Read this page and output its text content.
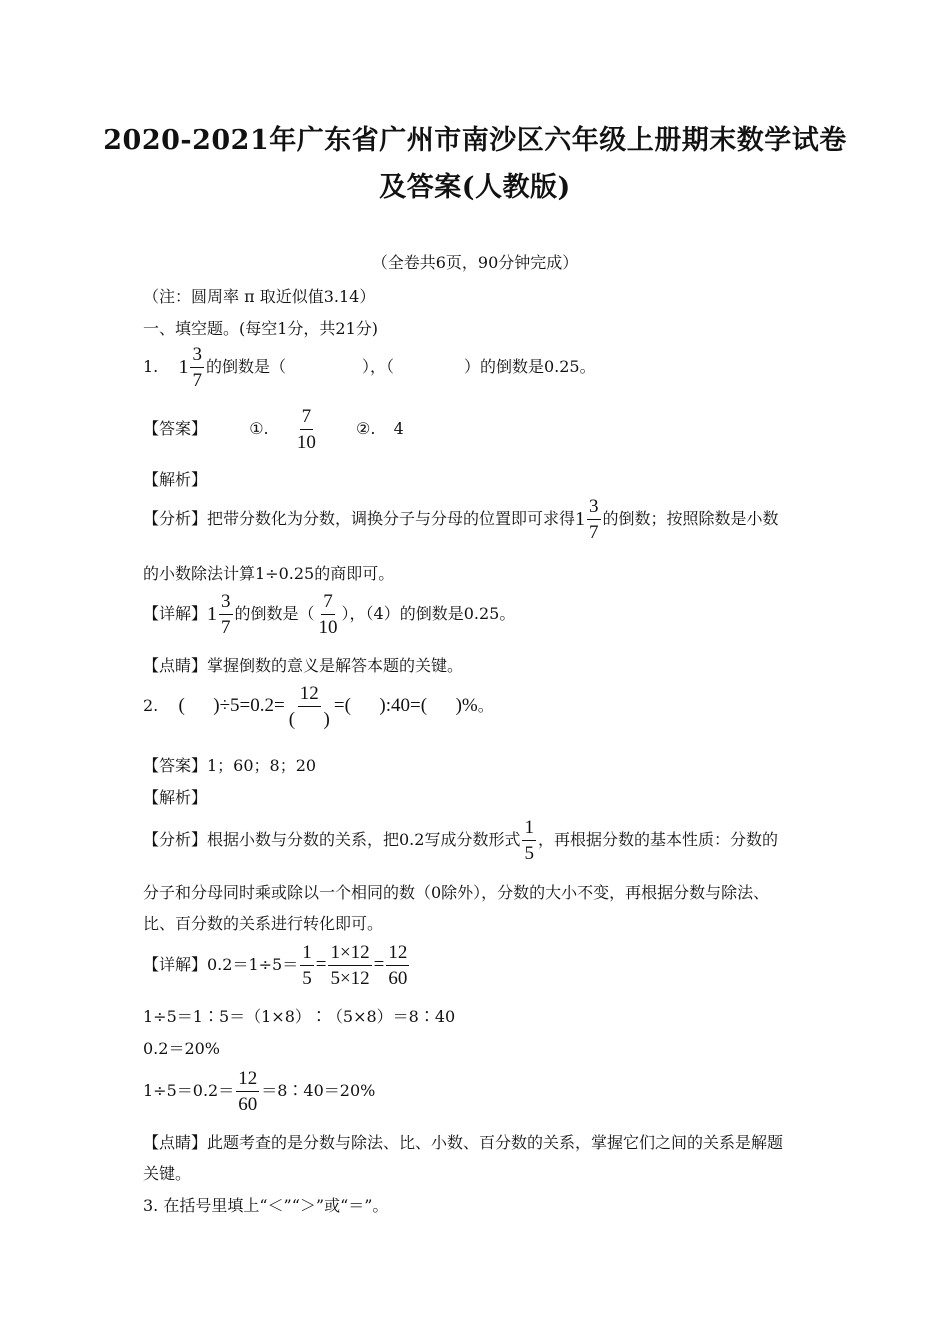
2020-2021年广东省广州市南沙区六年级上册期末数学试卷
及答案(人教版)
（全卷共6页，90分钟完成）
（注：圆周率 π 取近似值3.14）
一、填空题。(每空1分，共21分)
1. $1 \frac{3}{7}$ 的倒数是（	），（	）的倒数是0.25。
【答案】	①. $\frac{7}{10}$ ②. 4
【解析】
【分析】把带分数化为分数，调换分子与分母的位置即可求得$1 \frac{3}{7}$ 的倒数；按照除数是小数
的小数除法计算1÷0.25的商即可。
【详解】$1 \frac{3}{7}$ 的倒数是（ $\frac{7}{10}$ ），（4）的倒数是0.25。
【点睛】掌握倒数的意义是解答本题的关键。
2. (      )$\div 5=0.2= \frac{12}{( )}$ =(      ):40=(      )%。
【答案】1；60；8；20
【解析】
【分析】根据小数与分数的关系，把0.2写成分数形式 $\frac{1}{5}$ ，再根据分数的基本性质：分数的
分子和分母同时乘或除以一个相同的数（0除外），分数的大小不变，再根据分数与除法、
比、百分数的关系进行转化即可。
【详解】$0.2=1\div 5= \frac{1}{5} = \frac{1\times 12}{5\times 12} = \frac{12}{60}$
1÷5＝1∶5＝（1×8）∶（5×8）＝8∶40
0.2＝20%
$1\div 5=0.2= \frac{12}{60}$ ＝8∶40＝20%
【点睛】此题考查的是分数与除法、比、小数、百分数的关系，掌握它们之间的关系是解题
关键。
3. 在括号里填上“＜”“＞”或“＝”。
